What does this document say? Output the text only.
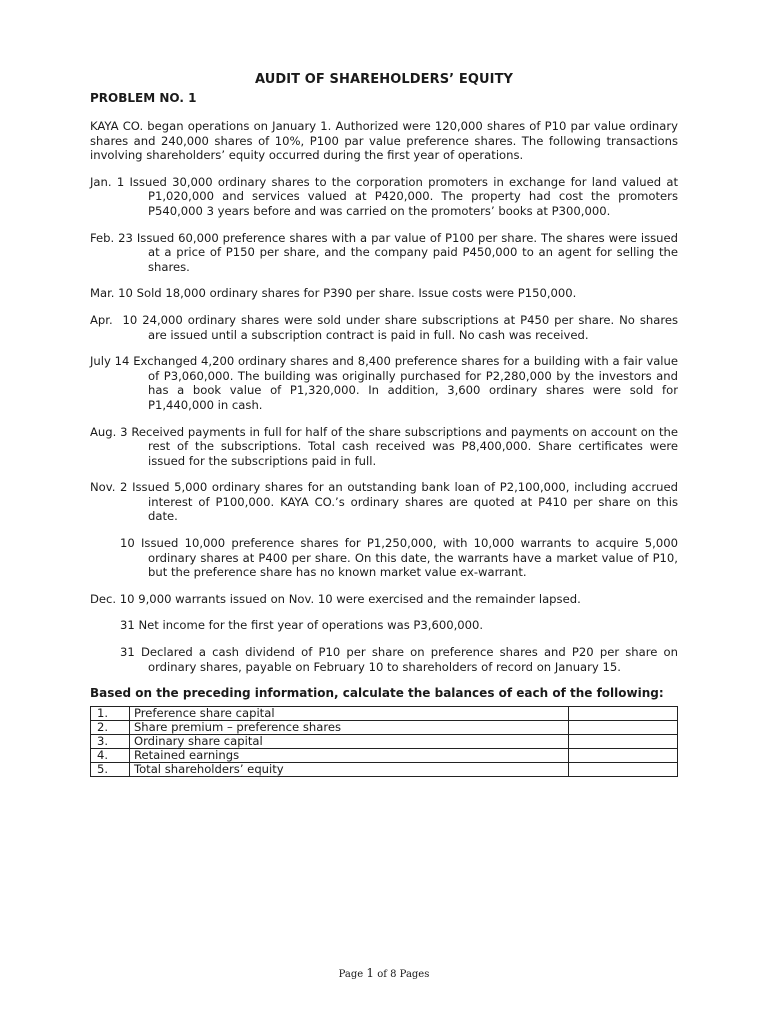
AUDIT OF SHAREHOLDERS’ EQUITY
PROBLEM NO. 1

KAYA CO. began operations on January 1. Authorized were 120,000 shares of P10 par value ordinary shares and 240,000 shares of 10%, P100 par value preference shares. The following transactions involving shareholders’ equity occurred during the first year of operations.

Jan. 1 Issued 30,000 ordinary shares to the corporation promoters in exchange for land valued at P1,020,000 and services valued at P420,000. The property had cost the promoters P540,000 3 years before and was carried on the promoters’ books at P300,000.

Feb. 23 Issued 60,000 preference shares with a par value of P100 per share. The shares were issued at a price of P150 per share, and the company paid P450,000 to an agent for selling the shares.

Mar. 10 Sold 18,000 ordinary shares for P390 per share. Issue costs were P150,000.

Apr.  10 24,000 ordinary shares were sold under share subscriptions at P450 per share. No shares are issued until a subscription contract is paid in full. No cash was received.

July 14 Exchanged 4,200 ordinary shares and 8,400 preference shares for a building with a fair value of P3,060,000. The building was originally purchased for P2,280,000 by the investors and has a book value of P1,320,000. In addition, 3,600 ordinary shares were sold for P1,440,000 in cash.

Aug. 3 Received payments in full for half of the share subscriptions and payments on account on the rest of the subscriptions. Total cash received was P8,400,000. Share certificates were issued for the subscriptions paid in full.

Nov. 2 Issued 5,000 ordinary shares for an outstanding bank loan of P2,100,000, including accrued interest of P100,000. KAYA CO.’s ordinary shares are quoted at P410 per share on this date.

10 Issued 10,000 preference shares for P1,250,000, with 10,000 warrants to acquire 5,000 ordinary shares at P400 per share. On this date, the warrants have a market value of P10, but the preference share has no known market value ex-warrant.

Dec. 10 9,000 warrants issued on Nov. 10 were exercised and the remainder lapsed.

31 Net income for the first year of operations was P3,600,000.

31 Declared a cash dividend of P10 per share on preference shares and P20 per share on ordinary shares, payable on February 10 to shareholders of record on January 15.

Based on the preceding information, calculate the balances of each of the following:
1.	Preference share capital	
2.	Share premium – preference shares	
3.	Ordinary share capital	
4.	Retained earnings	
5.	Total shareholders’ equity	
Page 1 of 8 Pages
